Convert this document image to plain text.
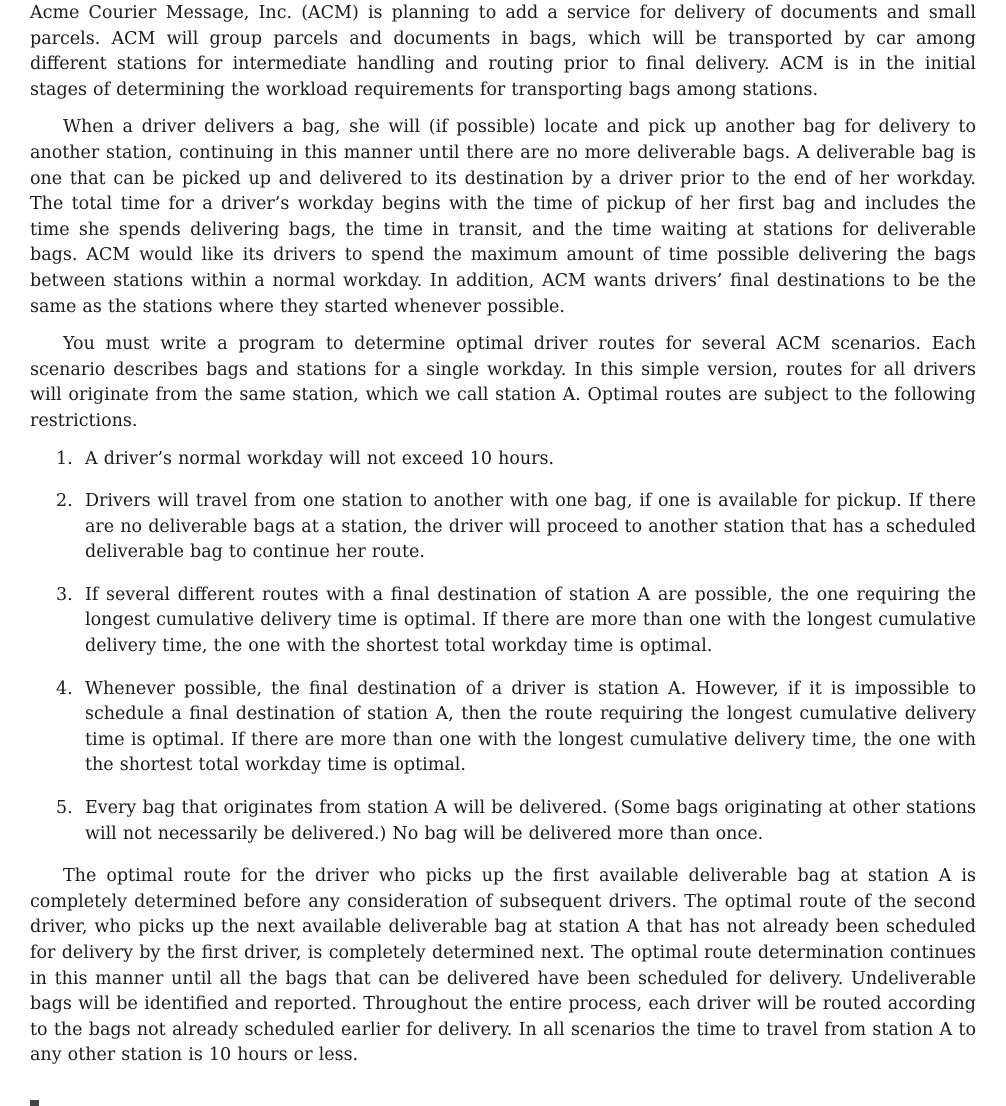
Acme Courier Message, Inc. (ACM) is planning to add a service for delivery of documents and small parcels. ACM will group parcels and documents in bags, which will be transported by car among different stations for intermediate handling and routing prior to final delivery. ACM is in the initial stages of determining the workload requirements for transporting bags among stations.

When a driver delivers a bag, she will (if possible) locate and pick up another bag for delivery to another station, continuing in this manner until there are no more deliverable bags. A deliverable bag is one that can be picked up and delivered to its destination by a driver prior to the end of her workday. The total time for a driver’s workday begins with the time of pickup of her first bag and includes the time she spends delivering bags, the time in transit, and the time waiting at stations for deliverable bags. ACM would like its drivers to spend the maximum amount of time possible delivering the bags between stations within a normal workday. In addition, ACM wants drivers’ final destinations to be the same as the stations where they started whenever possible.

You must write a program to determine optimal driver routes for several ACM scenarios. Each scenario describes bags and stations for a single workday. In this simple version, routes for all drivers will originate from the same station, which we call station A. Optimal routes are subject to the following restrictions.

1. A driver’s normal workday will not exceed 10 hours.
2. Drivers will travel from one station to another with one bag, if one is available for pickup. If there are no deliverable bags at a station, the driver will proceed to another station that has a scheduled deliverable bag to continue her route.
3. If several different routes with a final destination of station A are possible, the one requiring the longest cumulative delivery time is optimal. If there are more than one with the longest cumulative delivery time, the one with the shortest total workday time is optimal.
4. Whenever possible, the final destination of a driver is station A. However, if it is impossible to schedule a final destination of station A, then the route requiring the longest cumulative delivery time is optimal. If there are more than one with the longest cumulative delivery time, the one with the shortest total workday time is optimal.
5. Every bag that originates from station A will be delivered. (Some bags originating at other stations will not necessarily be delivered.) No bag will be delivered more than once.

The optimal route for the driver who picks up the first available deliverable bag at station A is completely determined before any consideration of subsequent drivers. The optimal route of the second driver, who picks up the next available deliverable bag at station A that has not already been scheduled for delivery by the first driver, is completely determined next. The optimal route determination continues in this manner until all the bags that can be delivered have been scheduled for delivery. Undeliverable bags will be identified and reported. Throughout the entire process, each driver will be routed according to the bags not already scheduled earlier for delivery. In all scenarios the time to travel from station A to any other station is 10 hours or less.
